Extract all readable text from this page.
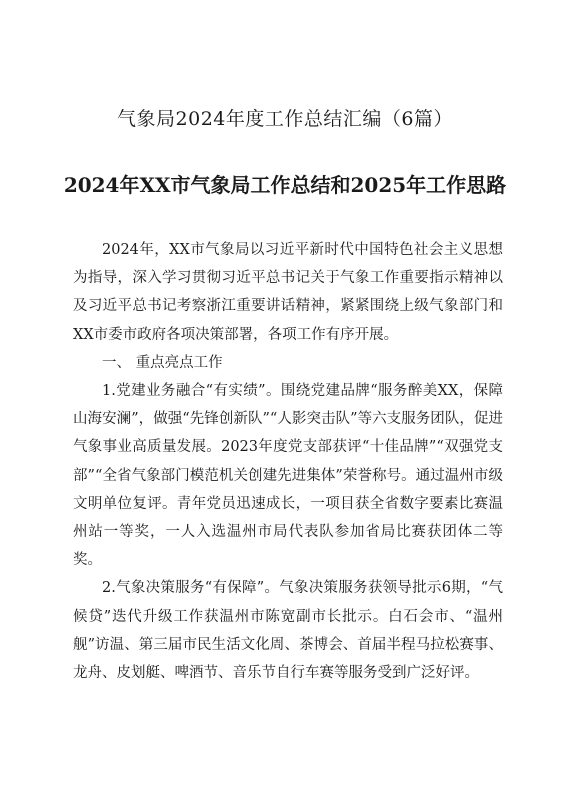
气象局2024年度工作总结汇编（6篇）
2024年XX市气象局工作总结和2025年工作思路

2024年，XX市气象局以习近平新时代中国特色社会主义思想为指导，深入学习贯彻习近平总书记关于气象工作重要指示精神以及习近平总书记考察浙江重要讲话精神，紧紧围绕上级气象部门和XX市委市政府各项决策部署，各项工作有序开展。

一、 重点亮点工作

1.党建业务融合“有实绩”。围绕党建品牌“服务醉美XX，保障山海安澜”，做强“先锋创新队”“人影突击队”等六支服务团队，促进气象事业高质量发展。2023年度党支部获评“十佳品牌”“双强党支部”“全省气象部门模范机关创建先进集体”荣誉称号。通过温州市级文明单位复评。青年党员迅速成长，一项目获全省数字要素比赛温州站一等奖，一人入选温州市局代表队参加省局比赛获团体二等奖。

2.气象决策服务“有保障”。气象决策服务获领导批示6期，“气候贷”迭代升级工作获温州市陈宽副市长批示。白石会市、“温州舰”访温、第三届市民生活文化周、茶博会、首届半程马拉松赛事、龙舟、皮划艇、啤酒节、音乐节自行车赛等服务受到广泛好评。
